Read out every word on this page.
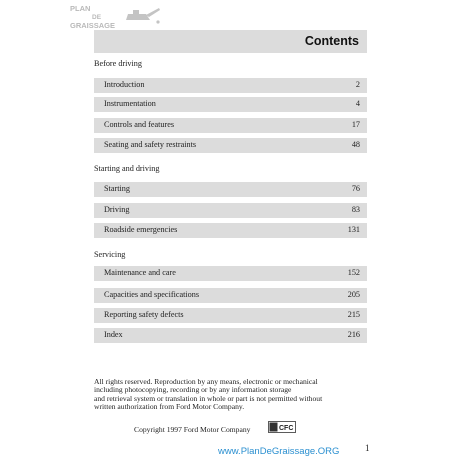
PLAN
DE
GRAISSAGE
Contents
Before driving
Introduction	2
Instrumentation	4
Controls and features	17
Seating and safety restraints	48
Starting and driving
Starting	76
Driving	83
Roadside emergencies	131
Servicing
Maintenance and care	152
Capacities and specifications	205
Reporting safety defects	215
Index	216
All rights reserved. Reproduction by any means, electronic or mechanical
including photocopying, recording or by any information storage
and retrieval system or translation in whole or part is not permitted without
written authorization from Ford Motor Company.
Copyright 1997 Ford Motor Company	CFC
www.PlanDeGraissage.ORG	1
